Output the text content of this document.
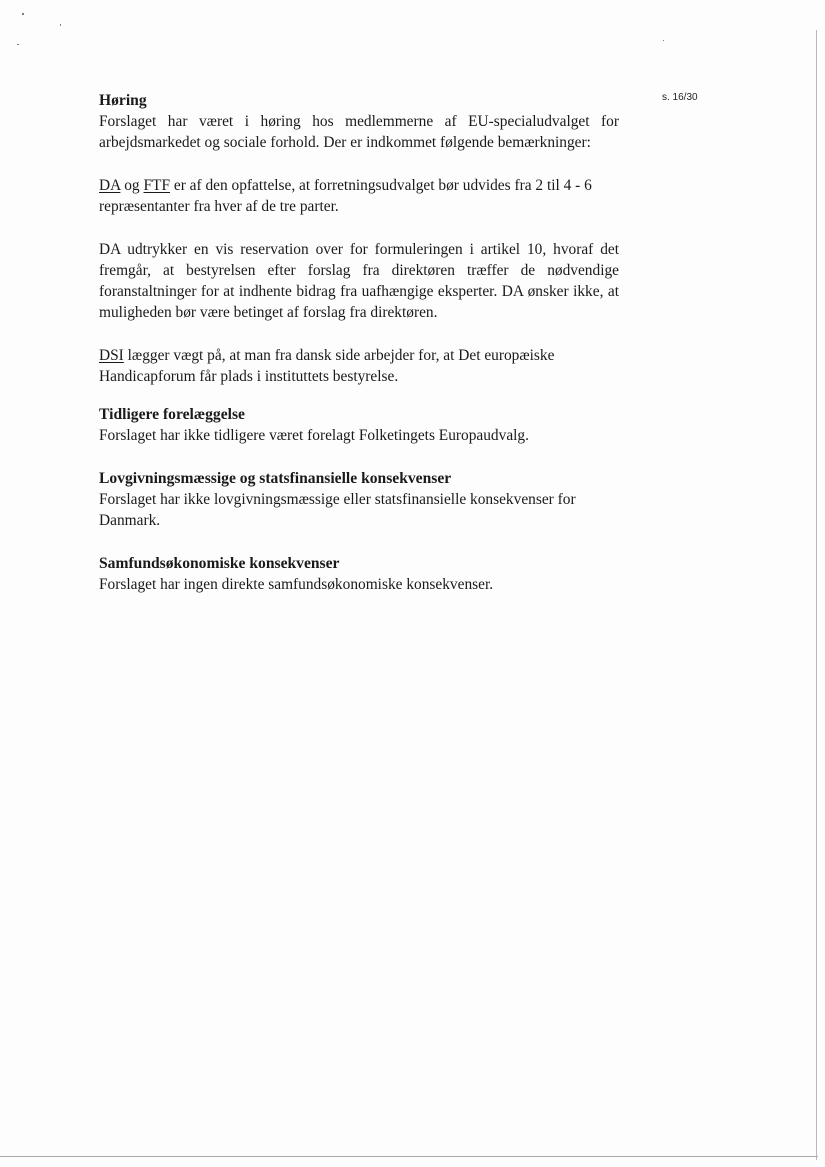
s. 16/30

Høring

Forslaget har været i høring hos medlemmerne af EU-specialudvalget for arbejdsmarkedet og sociale forhold. Der er indkommet følgende bemærkninger:

DA og FTF er af den opfattelse, at forretningsudvalget bør udvides fra 2 til 4 - 6 repræsentanter fra hver af de tre parter.

DA udtrykker en vis reservation over for formuleringen i artikel 10, hvoraf det fremgår, at bestyrelsen efter forslag fra direktøren træffer de nødvendige foranstaltninger for at indhente bidrag fra uafhængige eksperter. DA ønsker ikke, at muligheden bør være betinget af forslag fra direktøren.

DSI lægger vægt på, at man fra dansk side arbejder for, at Det europæiske Handicapforum får plads i instituttets bestyrelse.

Tidligere forelæggelse

Forslaget har ikke tidligere været forelagt Folketingets Europaudvalg.

Lovgivningsmæssige og statsfinansielle konsekvenser

Forslaget har ikke lovgivningsmæssige eller statsfinansielle konsekvenser for Danmark.

Samfundsøkonomiske konsekvenser

Forslaget har ingen direkte samfundsøkonomiske konsekvenser.
